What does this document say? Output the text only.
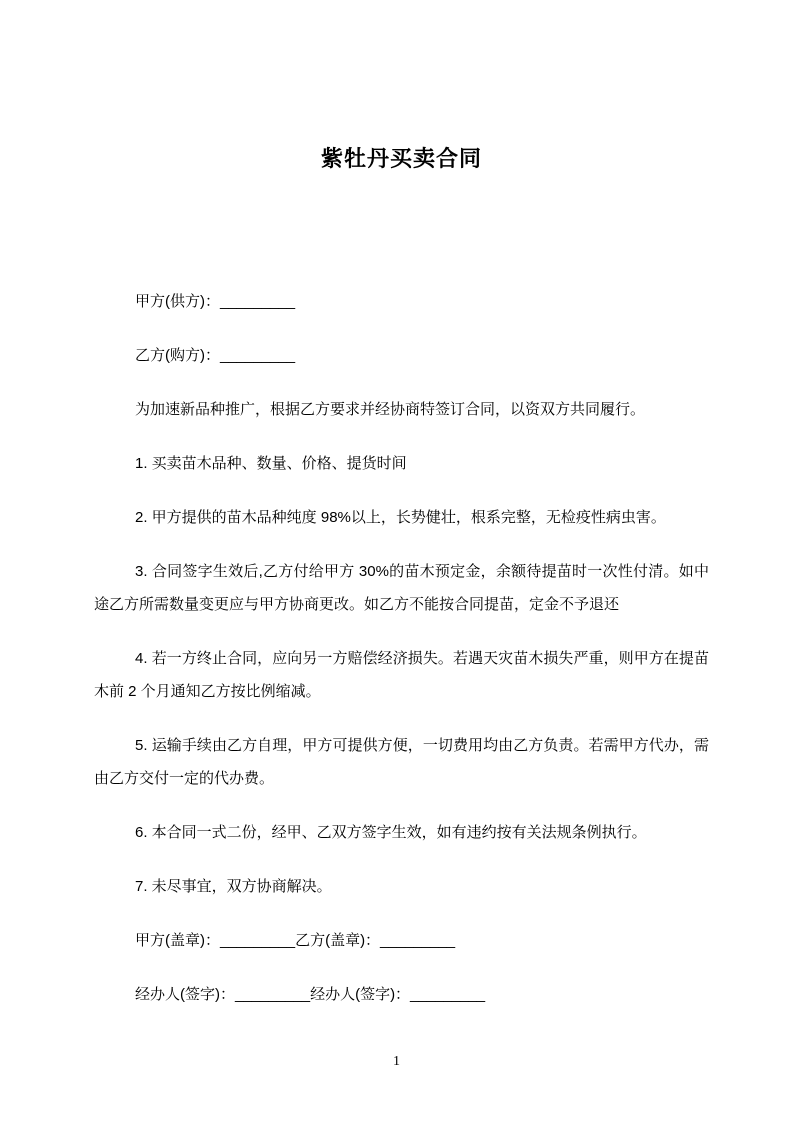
紫牡丹买卖合同

甲方(供方)：_________

乙方(购方)：_________

为加速新品种推广，根据乙方要求并经协商特签订合同，以资双方共同履行。

1. 买卖苗木品种、数量、价格、提货时间

2. 甲方提供的苗木品种纯度 98%以上，长势健壮，根系完整，无检疫性病虫害。

3. 合同签字生效后,乙方付给甲方 30%的苗木预定金，余额待提苗时一次性付清。如中途乙方所需数量变更应与甲方协商更改。如乙方不能按合同提苗，定金不予退还

4. 若一方终止合同，应向另一方赔偿经济损失。若遇天灾苗木损失严重，则甲方在提苗木前 2 个月通知乙方按比例缩减。

5. 运输手续由乙方自理，甲方可提供方便，一切费用均由乙方负责。若需甲方代办，需由乙方交付一定的代办费。

6. 本合同一式二份，经甲、乙双方签字生效，如有违约按有关法规条例执行。

7. 未尽事宜，双方协商解决。

甲方(盖章)：_________乙方(盖章)：_________

经办人(签字)：_________经办人(签字)：_________

1
